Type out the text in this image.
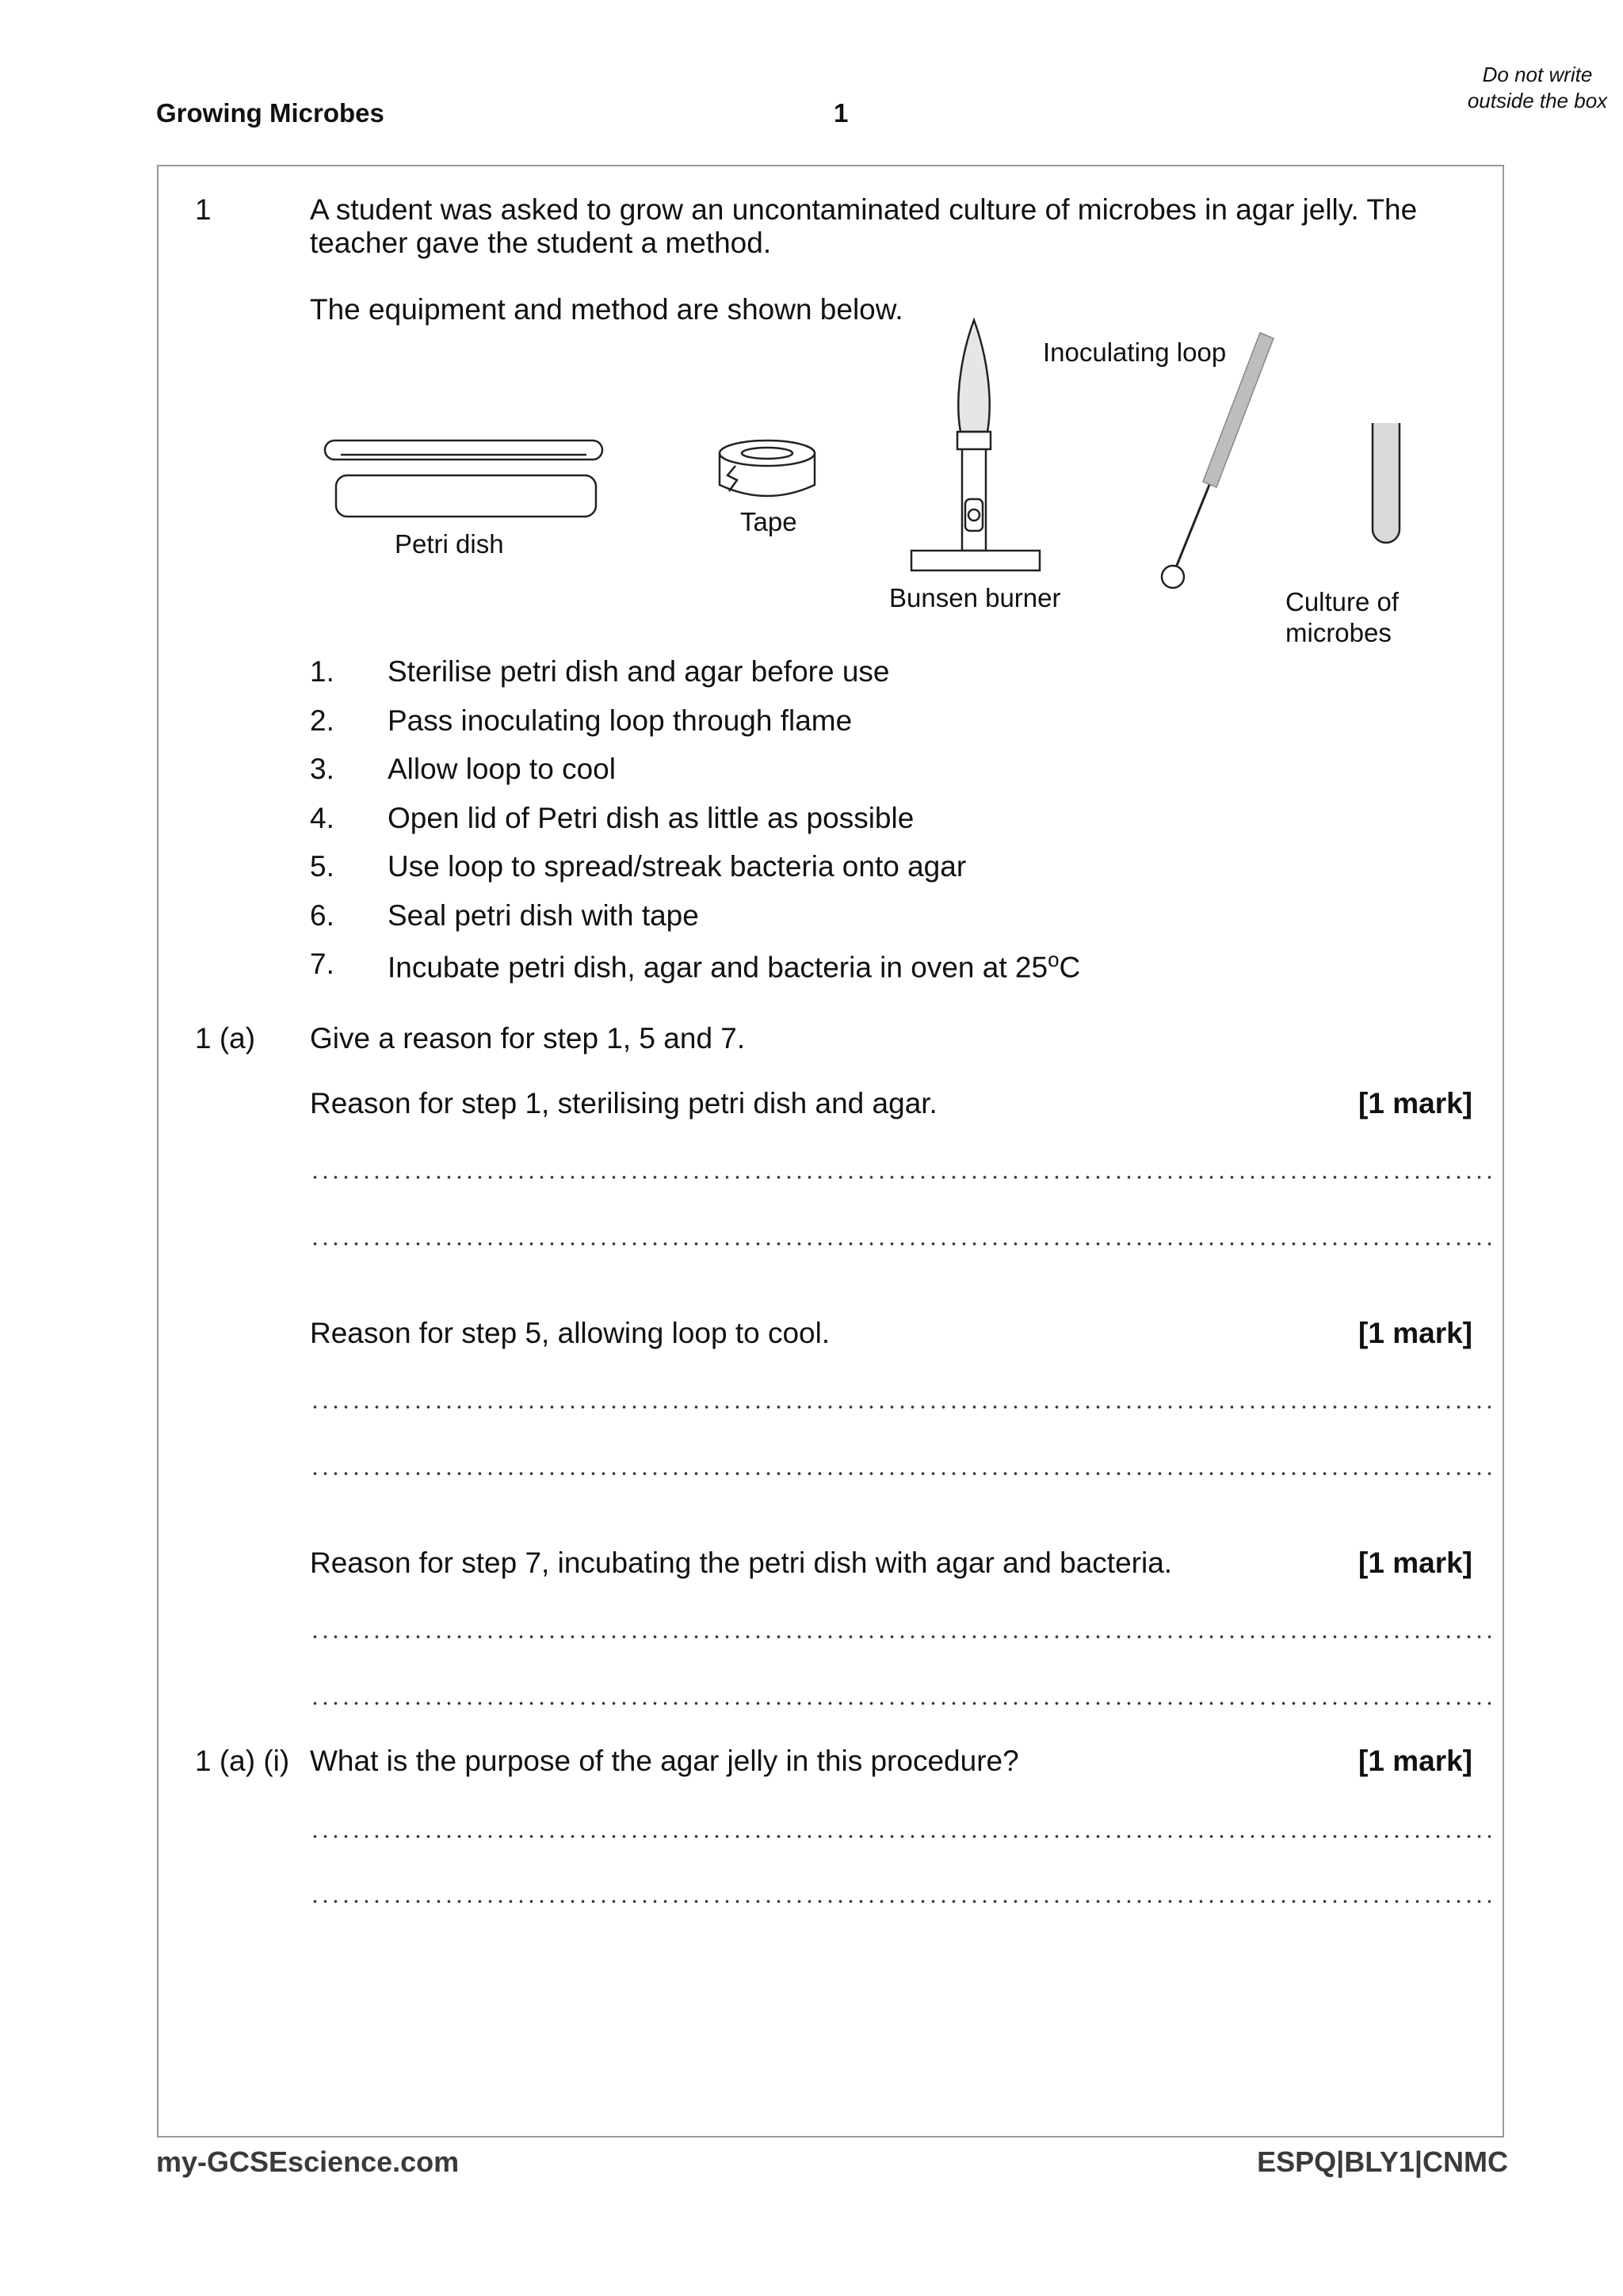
Growing Microbes	1
Do not write outside the box
1	A student was asked to grow an uncontaminated culture of microbes in agar jelly. The
teacher gave the student a method.
The equipment and method are shown below.
Petri dish
Tape
Bunsen burner
Inoculating loop
Culture of
microbes
1. Sterilise petri dish and agar before use
2. Pass inoculating loop through flame
3. Allow loop to cool
4. Open lid of Petri dish as little as possible
5. Use loop to spread/streak bacteria onto agar
6. Seal petri dish with tape
7. Incubate petri dish, agar and bacteria in oven at 25$^o$C
1 (a) Give a reason for step 1, 5 and 7.
Reason for step 1, sterilising petri dish and agar.	[1 mark]
Reason for step 5, allowing loop to cool.	[1 mark]
Reason for step 7, incubating the petri dish with agar and bacteria.	[1 mark]
1 (a) (i) What is the purpose of the agar jelly in this procedure?	[1 mark]
my-GCSEscience.com	ESPQ|BLY1|CNMC
